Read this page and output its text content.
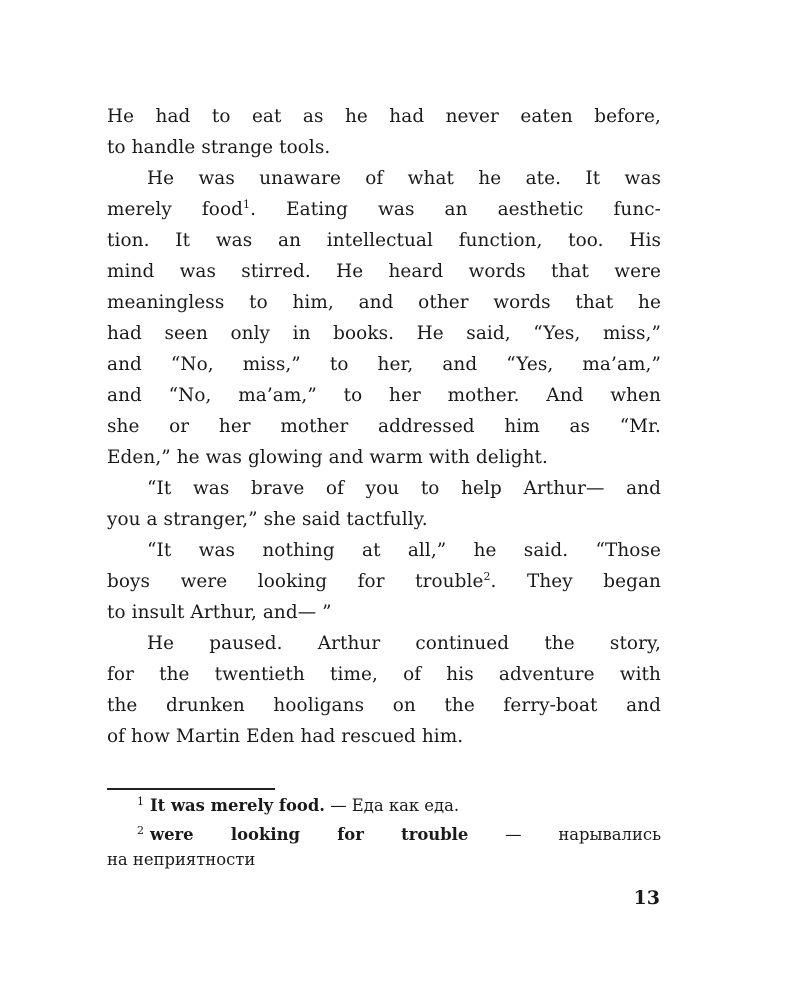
He had to eat as he had never eaten before,
to handle strange tools.
He was unaware of what he ate. It was
merely food$^1$. Eating was an aesthetic func-
tion. It was an intellectual function, too. His
mind was stirred. He heard words that were
meaningless to him, and other words that he
had seen only in books. He said, “Yes, miss,”
and “No, miss,” to her, and “Yes, ma’am,”
and “No, ma’am,” to her mother. And when
she or her mother addressed him as “Mr.
Eden,” he was glowing and warm with delight.
“It was brave of you to help Arthur— and
you a stranger,” she said tactfully.
“It was nothing at all,” he said. “Those
boys were looking for trouble$^2$. They began
to insult Arthur, and— ”
He paused. Arthur continued the story,
for the twentieth time, of his adventure with
the drunken hooligans on the ferry-boat and
of how Martin Eden had rescued him.
$^1$ It was merely food. — Еда как еда.
$^2$ were looking for trouble — нарывались
на неприятности
13
